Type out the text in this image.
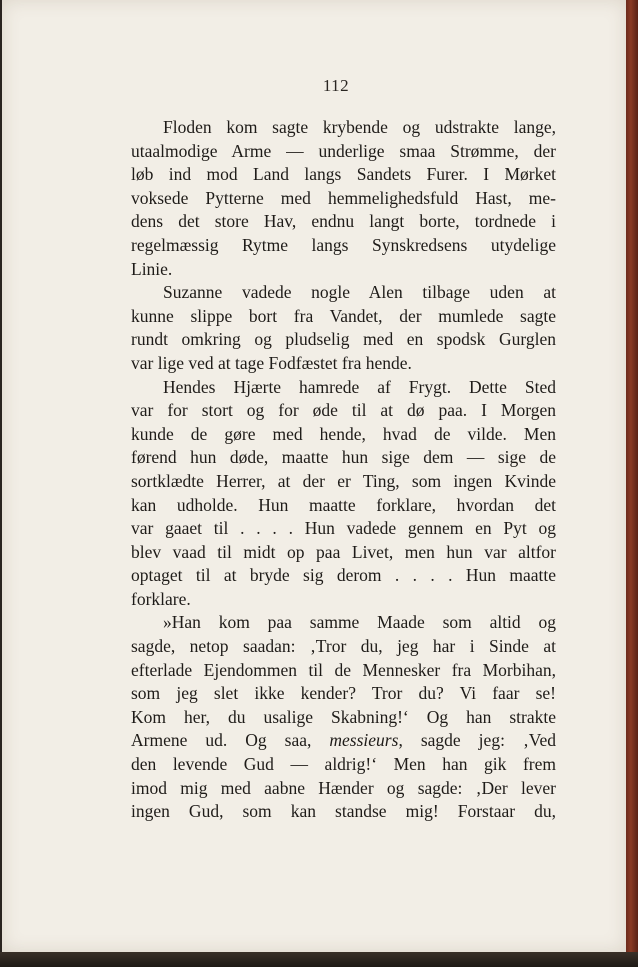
112
Floden kom sagte krybende og udstrakte lange,
utaalmodige Arme — underlige smaa Strømme, der
løb ind mod Land langs Sandets Furer. I Mørket
voksede Pytterne med hemmelighedsfuld Hast, me-
dens det store Hav, endnu langt borte, tordnede i
regelmæssig Rytme langs Synskredsens utydelige
Linie.
Suzanne vadede nogle Alen tilbage uden at
kunne slippe bort fra Vandet, der mumlede sagte
rundt omkring og pludselig med en spodsk Gurglen
var lige ved at tage Fodfæstet fra hende.
Hendes Hjærte hamrede af Frygt. Dette Sted
var for stort og for øde til at dø paa. I Morgen
kunde de gøre med hende, hvad de vilde. Men
førend hun døde, maatte hun sige dem — sige de
sortklædte Herrer, at der er Ting, som ingen Kvinde
kan udholde. Hun maatte forklare, hvordan det
var gaaet til . . . . Hun vadede gennem en Pyt og
blev vaad til midt op paa Livet, men hun var altfor
optaget til at bryde sig derom . . . . Hun maatte
forklare.
»Han kom paa samme Maade som altid og
sagde, netop saadan: ‚Tror du, jeg har i Sinde at
efterlade Ejendommen til de Mennesker fra Morbihan,
som jeg slet ikke kender? Tror du? Vi faar se!
Kom her, du usalige Skabning!‘ Og han strakte
Armene ud. Og saa, messieurs, sagde jeg: ‚Ved
den levende Gud — aldrig!‘ Men han gik frem
imod mig med aabne Hænder og sagde: ‚Der lever
ingen Gud, som kan standse mig! Forstaar du,
